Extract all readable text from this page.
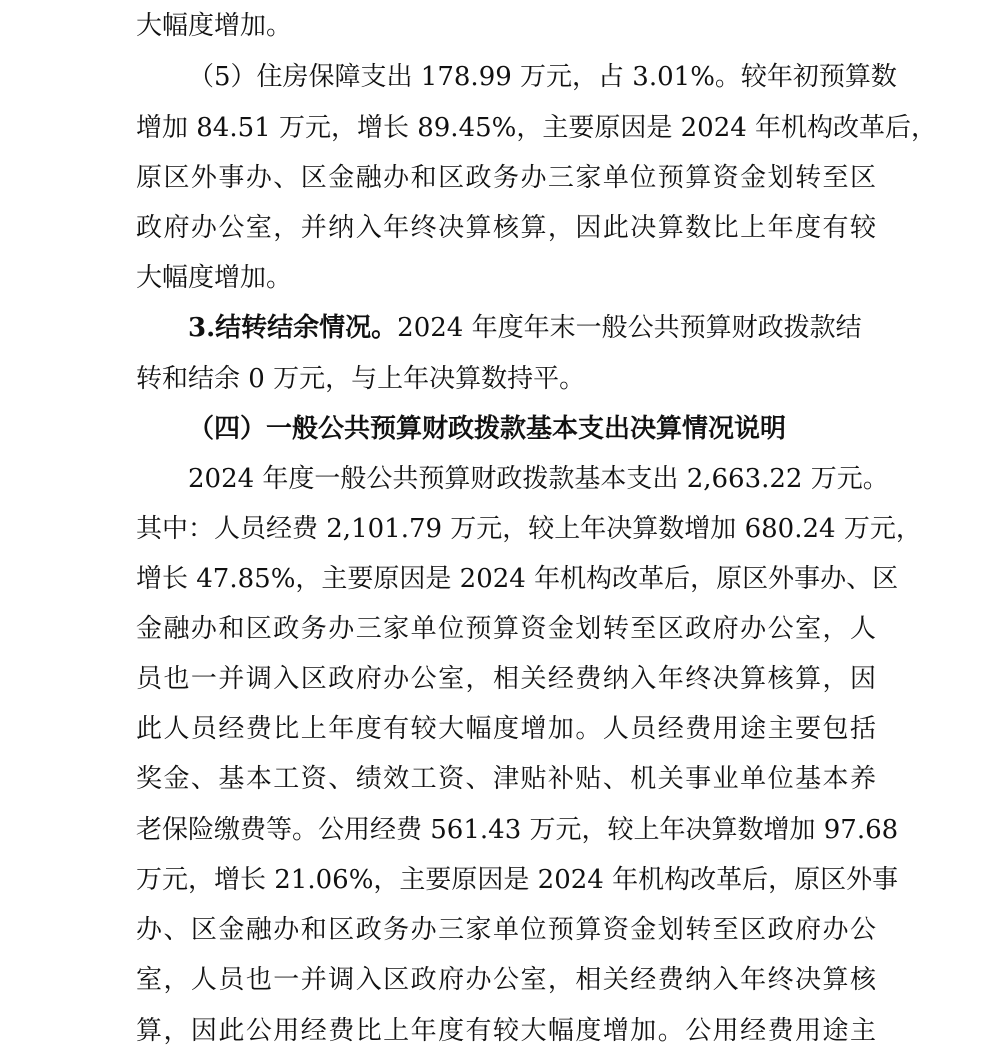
大幅度增加。
（5）住房保障支出 178.99 万元，占 3.01%。较年初预算数
增加 84.51 万元，增长 89.45%，主要原因是 2024 年机构改革后，
原区外事办、区金融办和区政务办三家单位预算资金划转至区
政府办公室，并纳入年终决算核算，因此决算数比上年度有较
大幅度增加。
3.结转结余情况。2024 年度年末一般公共预算财政拨款结
转和结余 0 万元，与上年决算数持平。
（四）一般公共预算财政拨款基本支出决算情况说明
2024 年度一般公共预算财政拨款基本支出 2,663.22 万元。
其中：人员经费 2,101.79 万元，较上年决算数增加 680.24 万元，
增长 47.85%，主要原因是 2024 年机构改革后，原区外事办、区
金融办和区政务办三家单位预算资金划转至区政府办公室，人
员也一并调入区政府办公室，相关经费纳入年终决算核算，因
此人员经费比上年度有较大幅度增加。人员经费用途主要包括
奖金、基本工资、绩效工资、津贴补贴、机关事业单位基本养
老保险缴费等。公用经费 561.43 万元，较上年决算数增加 97.68
万元，增长 21.06%，主要原因是 2024 年机构改革后，原区外事
办、区金融办和区政务办三家单位预算资金划转至区政府办公
室，人员也一并调入区政府办公室，相关经费纳入年终决算核
算，因此公用经费比上年度有较大幅度增加。公用经费用途主
